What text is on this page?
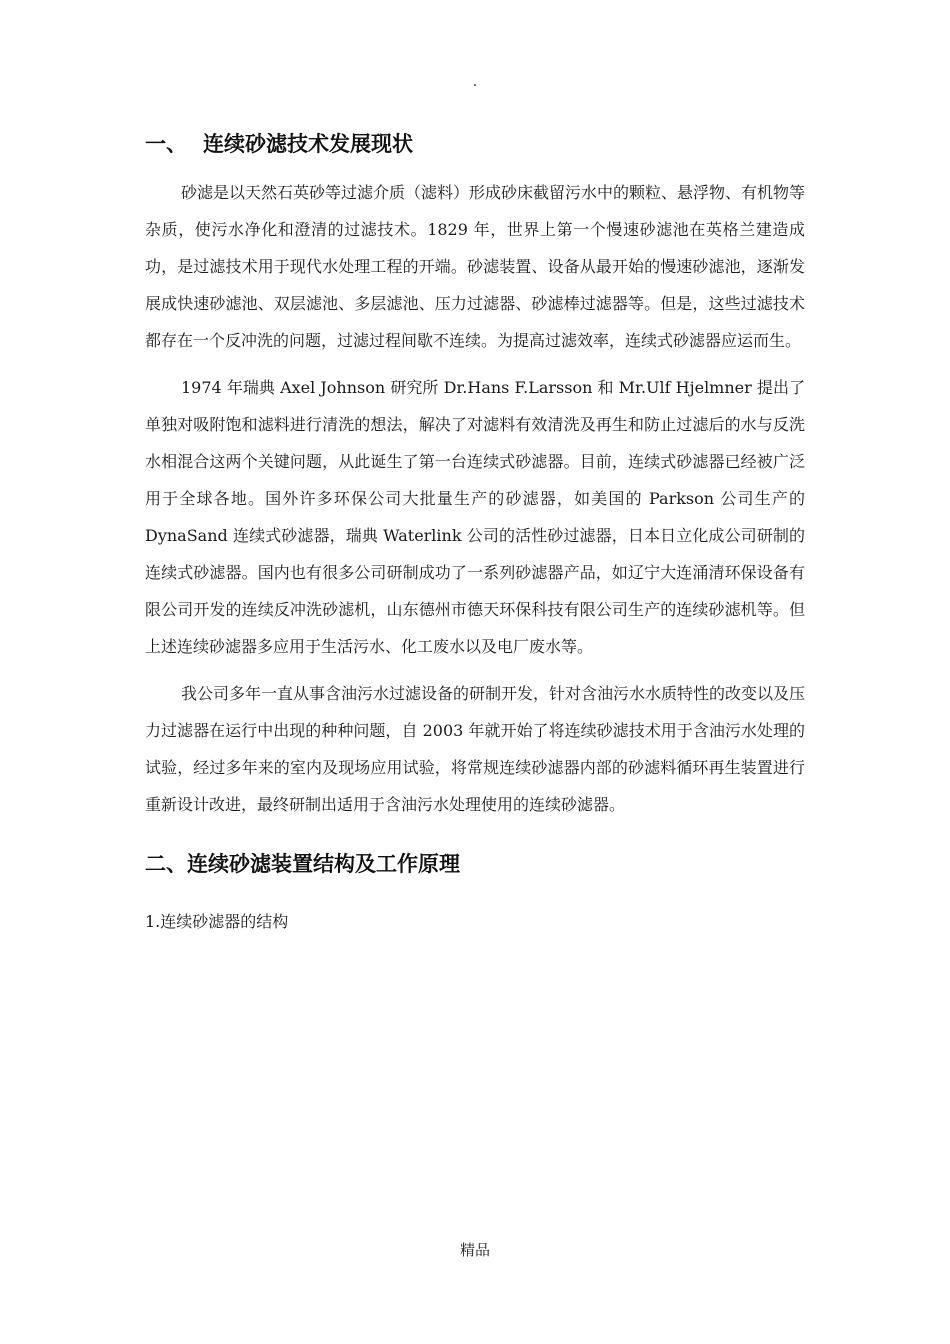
.
一、 连续砂滤技术发展现状

砂滤是以天然石英砂等过滤介质（滤料）形成砂床截留污水中的颗粒、悬浮物、有机物等杂质，使污水净化和澄清的过滤技术。1829 年，世界上第一个慢速砂滤池在英格兰建造成功，是过滤技术用于现代水处理工程的开端。砂滤装置、设备从最开始的慢速砂滤池，逐渐发展成快速砂滤池、双层滤池、多层滤池、压力过滤器、砂滤棒过滤器等。但是，这些过滤技术都存在一个反冲洗的问题，过滤过程间歇不连续。为提高过滤效率，连续式砂滤器应运而生。

1974 年瑞典 Axel Johnson 研究所 Dr.Hans F.Larsson 和 Mr.Ulf Hjelmner 提出了单独对吸附饱和滤料进行清洗的想法，解决了对滤料有效清洗及再生和防止过滤后的水与反洗水相混合这两个关键问题，从此诞生了第一台连续式砂滤器。目前，连续式砂滤器已经被广泛用于全球各地。国外许多环保公司大批量生产的砂滤器，如美国的 Parkson 公司生产的 DynaSand 连续式砂滤器，瑞典 Waterlink 公司的活性砂过滤器，日本日立化成公司研制的连续式砂滤器。国内也有很多公司研制成功了一系列砂滤器产品，如辽宁大连涌清环保设备有限公司开发的连续反冲洗砂滤机，山东德州市德天环保科技有限公司生产的连续砂滤机等。但上述连续砂滤器多应用于生活污水、化工废水以及电厂废水等。

我公司多年一直从事含油污水过滤设备的研制开发，针对含油污水水质特性的改变以及压力过滤器在运行中出现的种种问题，自 2003 年就开始了将连续砂滤技术用于含油污水处理的试验，经过多年来的室内及现场应用试验，将常规连续砂滤器内部的砂滤料循环再生装置进行重新设计改进，最终研制出适用于含油污水处理使用的连续砂滤器。

二、连续砂滤装置结构及工作原理

1.连续砂滤器的结构

精品
